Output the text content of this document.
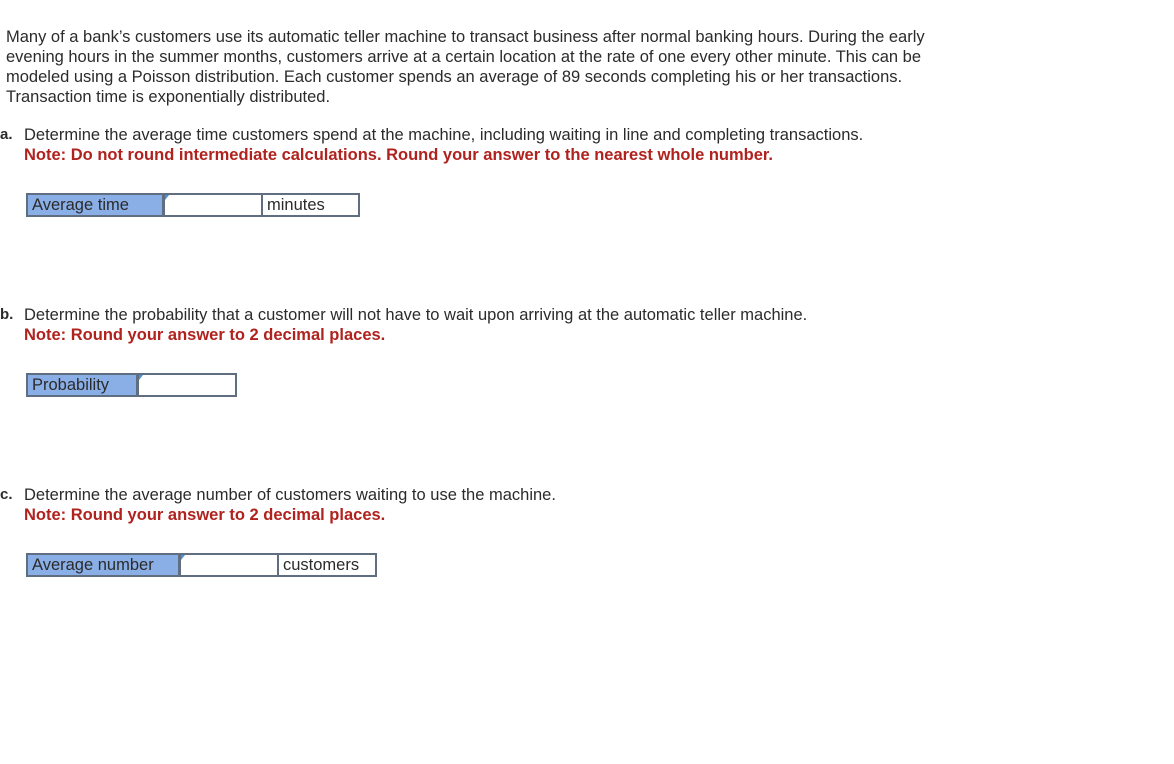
Many of a bank’s customers use its automatic teller machine to transact business after normal banking hours. During the early evening hours in the summer months, customers arrive at a certain location at the rate of one every other minute. This can be modeled using a Poisson distribution. Each customer spends an average of 89 seconds completing his or her transactions. Transaction time is exponentially distributed.

a. Determine the average time customers spend at the machine, including waiting in line and completing transactions.
Note: Do not round intermediate calculations. Round your answer to the nearest whole number.
Average time	minutes
b. Determine the probability that a customer will not have to wait upon arriving at the automatic teller machine.
Note: Round your answer to 2 decimal places.
Probability
c. Determine the average number of customers waiting to use the machine.
Note: Round your answer to 2 decimal places.
Average number	customers
